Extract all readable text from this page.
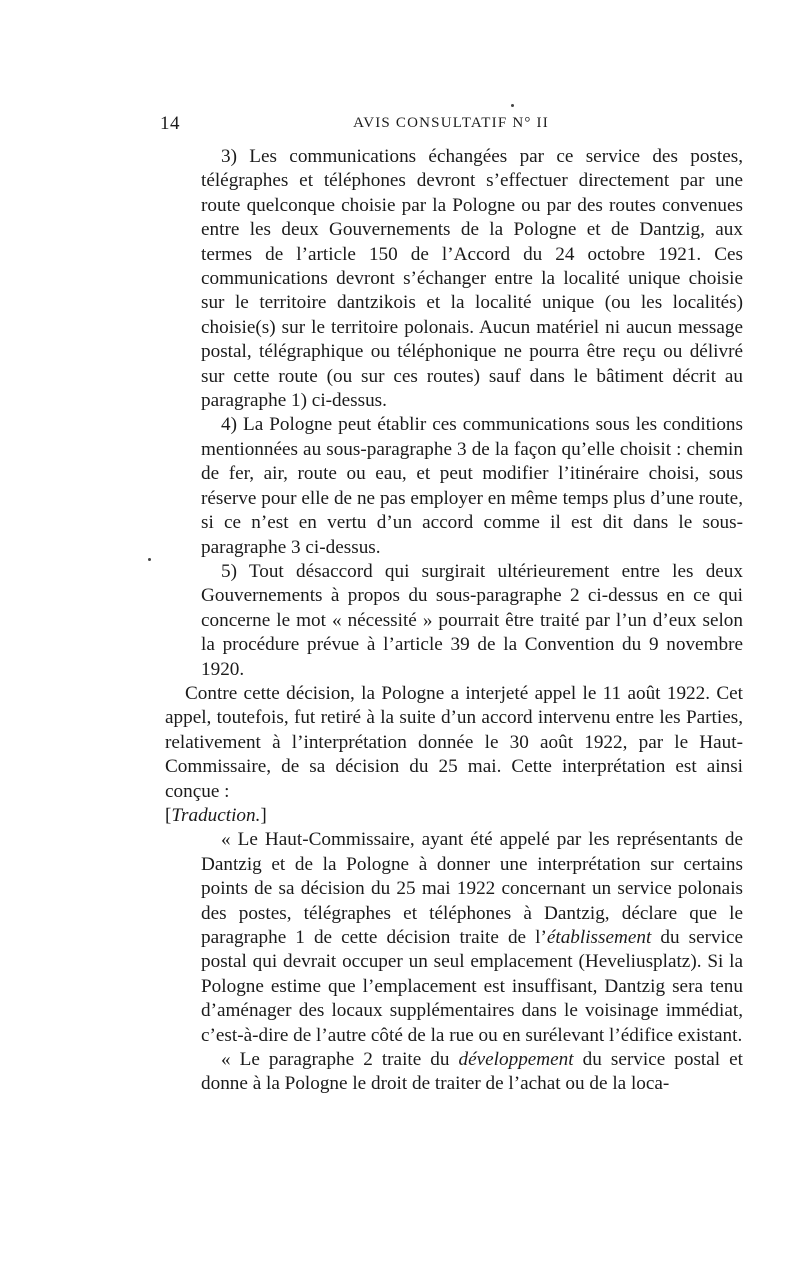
14	AVIS CONSULTATIF N° II

3) Les communications échangées par ce service des postes, télégraphes et téléphones devront s’effectuer directement par une route quelconque choisie par la Pologne ou par des routes convenues entre les deux Gouvernements de la Pologne et de Dantzig, aux termes de l’article 150 de l’Accord du 24 octobre 1921. Ces communications devront s’échanger entre la localité unique choisie sur le territoire dantzikois et la localité unique (ou les localités) choisie(s) sur le territoire polonais. Aucun matériel ni aucun message postal, télégraphique ou téléphonique ne pourra être reçu ou délivré sur cette route (ou sur ces routes) sauf dans le bâtiment décrit au paragraphe 1) ci-dessus.

4) La Pologne peut établir ces communications sous les conditions mentionnées au sous-paragraphe 3 de la façon qu’elle choisit : chemin de fer, air, route ou eau, et peut modifier l’itinéraire choisi, sous réserve pour elle de ne pas employer en même temps plus d’une route, si ce n’est en vertu d’un accord comme il est dit dans le sous-paragraphe 3 ci-dessus.

5) Tout désaccord qui surgirait ultérieurement entre les deux Gouvernements à propos du sous-paragraphe 2 ci-dessus en ce qui concerne le mot « nécessité » pourrait être traité par l’un d’eux selon la procédure prévue à l’article 39 de la Convention du 9 novembre 1920.

Contre cette décision, la Pologne a interjeté appel le 11 août 1922. Cet appel, toutefois, fut retiré à la suite d’un accord intervenu entre les Parties, relativement à l’interprétation donnée le 30 août 1922, par le Haut-Commissaire, de sa décision du 25 mai. Cette interprétation est ainsi conçue :

[Traduction.]

« Le Haut-Commissaire, ayant été appelé par les représentants de Dantzig et de la Pologne à donner une interprétation sur certains points de sa décision du 25 mai 1922 concernant un service polonais des postes, télégraphes et téléphones à Dantzig, déclare que le paragraphe 1 de cette décision traite de l’établissement du service postal qui devrait occuper un seul emplacement (Heveliusplatz). Si la Pologne estime que l’emplacement est insuffisant, Dantzig sera tenu d’aménager des locaux supplémentaires dans le voisinage immédiat, c’est-à-dire de l’autre côté de la rue ou en surélevant l’édifice existant.

« Le paragraphe 2 traite du développement du service postal et donne à la Pologne le droit de traiter de l’achat ou de la loca-
